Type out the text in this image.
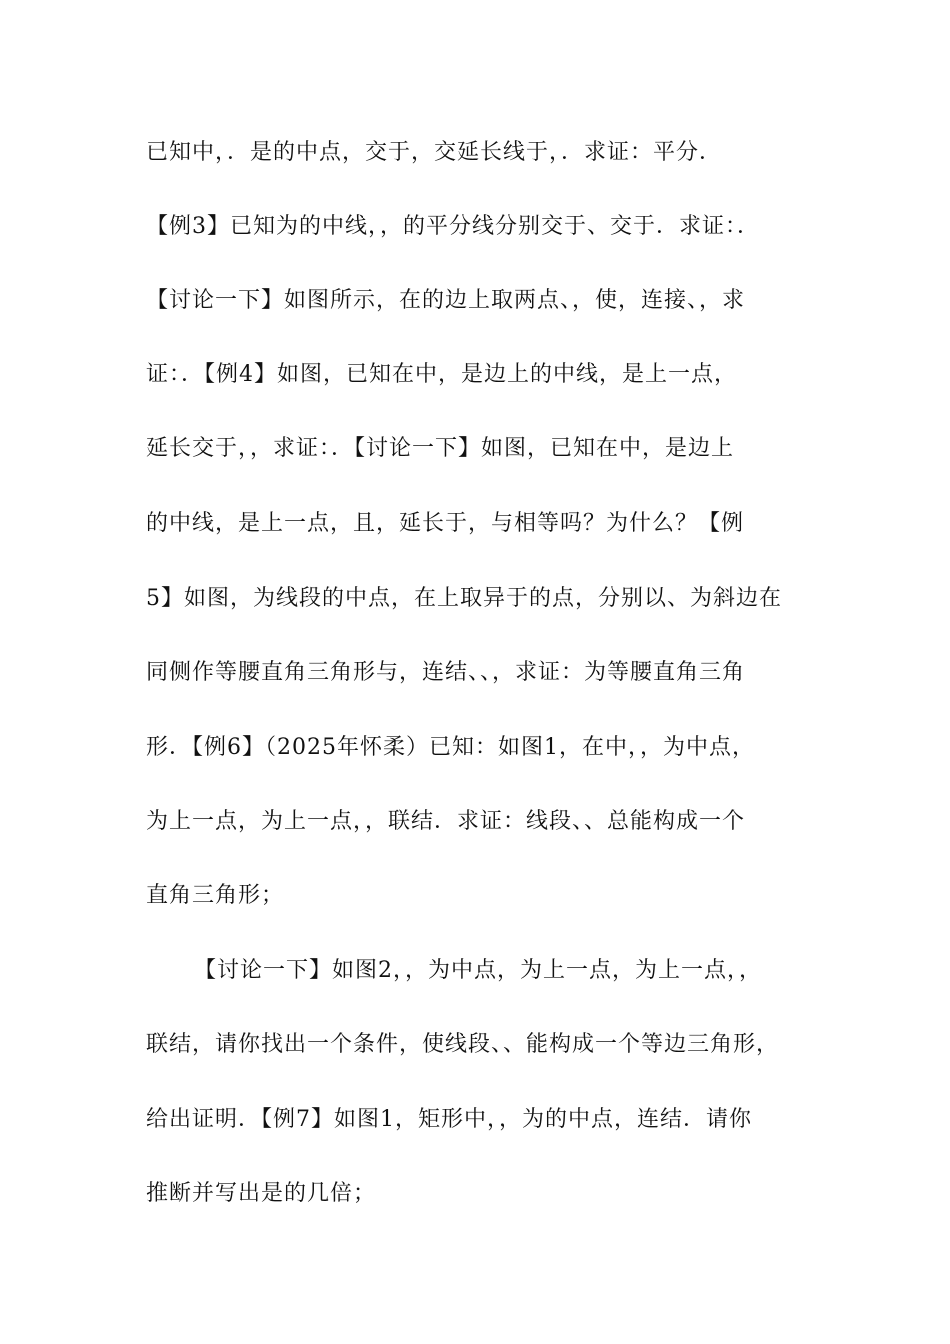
已知中，．是的中点，交于，交延长线于，．求证：平分．
【例3】已知为的中线，，的平分线分别交于、交于．求证：．
【讨论一下】如图所示，在的边上取两点、，使，连接、，求
证：．【例4】如图，已知在中，是边上的中线，是上一点，
延长交于，，求证：．【讨论一下】如图，已知在中，是边上
的中线，是上一点，且，延长于，与相等吗？为什么？【例
5】如图，为线段的中点，在上取异于的点，分别以、为斜边在
同侧作等腰直角三角形与，连结、、，求证：为等腰直角三角
形．【例6】（2025年怀柔）已知：如图1，在中，，为中点，
为上一点，为上一点，，联结．求证：线段、、总能构成一个
直角三角形；
【讨论一下】如图2，，为中点，为上一点，为上一点，，
联结，请你找出一个条件，使线段、、能构成一个等边三角形，
给出证明．【例7】如图1，矩形中，，为的中点，连结．请你
推断并写出是的几倍；
